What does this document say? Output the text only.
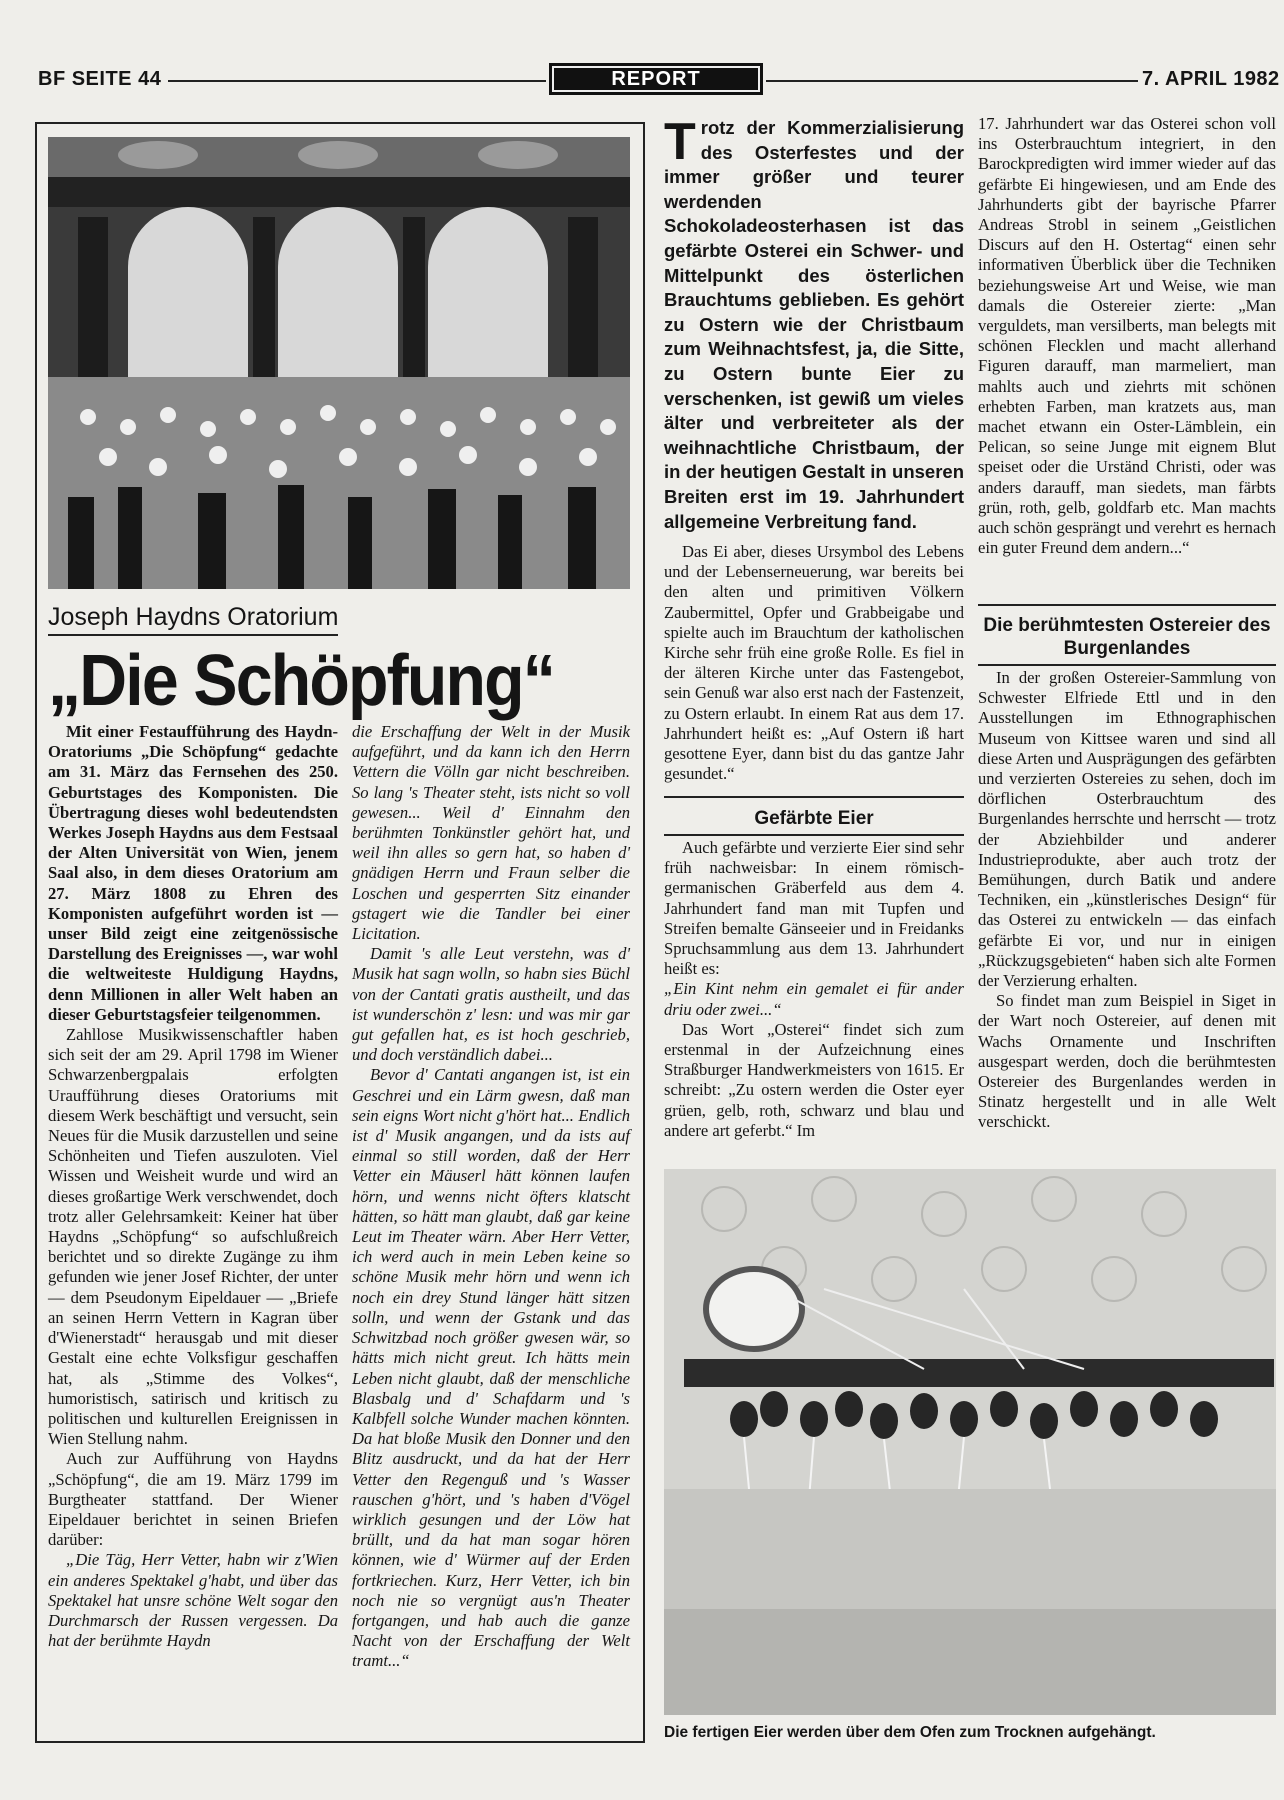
BF SEITE 44	REPORT	7. APRIL 1982
Joseph Haydns Oratorium
„Die Schöpfung“

Mit einer Festaufführung des Haydn-Oratoriums „Die Schöpfung“ gedachte am 31. März das Fernsehen des 250. Geburtstages des Komponisten. Die Übertragung dieses wohl bedeutendsten Werkes Joseph Haydns aus dem Festsaal der Alten Universität von Wien, jenem Saal also, in dem dieses Oratorium am 27. März 1808 zu Ehren des Komponisten aufgeführt worden ist — unser Bild zeigt eine zeitgenössische Darstellung des Ereignisses —, war wohl die weltweiteste Huldigung Haydns, denn Millionen in aller Welt haben an dieser Geburtstagsfeier teilgenommen.

Zahllose Musikwissenschaftler haben sich seit der am 29. April 1798 im Wiener Schwarzenbergpalais erfolgten Uraufführung dieses Oratoriums mit diesem Werk beschäftigt und versucht, sein Neues für die Musik darzustellen und seine Schönheiten und Tiefen auszuloten. Viel Wissen und Weisheit wurde und wird an dieses großartige Werk verschwendet, doch trotz aller Gelehrsamkeit: Keiner hat über Haydns „Schöpfung“ so aufschlußreich berichtet und so direkte Zugänge zu ihm gefunden wie jener Josef Richter, der unter — dem Pseudonym Eipeldauer — „Briefe an seinen Herrn Vettern in Kagran über d'Wienerstadt“ herausgab und mit dieser Gestalt eine echte Volksfigur geschaffen hat, als „Stimme des Volkes“, humoristisch, satirisch und kritisch zu politischen und kulturellen Ereignissen in Wien Stellung nahm.

Auch zur Aufführung von Haydns „Schöpfung“, die am 19. März 1799 im Burgtheater stattfand. Der Wiener Eipeldauer berichtet in seinen Briefen darüber:

„Die Täg, Herr Vetter, habn wir z'Wien ein anderes Spektakel g'habt, und über das Spektakel hat unsre schöne Welt sogar den Durchmarsch der Russen vergessen. Da hat der berühmte Haydn

die Erschaffung der Welt in der Musik aufgeführt, und da kann ich den Herrn Vettern die Völln gar nicht beschreiben. So lang 's Theater steht, ists nicht so voll gewesen... Weil d' Einnahm den berühmten Tonkünstler gehört hat, und weil ihn alles so gern hat, so haben d' gnädigen Herrn und Fraun selber die Loschen und gesperrten Sitz einander gstagert wie die Tandler bei einer Licitation.

Damit 's alle Leut verstehn, was d' Musik hat sagn wolln, so habn sies Büchl von der Cantati gratis austheilt, und das ist wunderschön z' lesn: und was mir gar gut gefallen hat, es ist hoch geschrieb, und doch verständlich dabei...

Bevor d' Cantati angangen ist, ist ein Geschrei und ein Lärm gwesn, daß man sein eigns Wort nicht g'hört hat... Endlich ist d' Musik angangen, und da ists auf einmal so still worden, daß der Herr Vetter ein Mäuserl hätt können laufen hörn, und wenns nicht öfters klatscht hätten, so hätt man glaubt, daß gar keine Leut im Theater wärn. Aber Herr Vetter, ich werd auch in mein Leben keine so schöne Musik mehr hörn und wenn ich noch ein drey Stund länger hätt sitzen solln, und wenn der Gstank und das Schwitzbad noch größer gwesen wär, so hätts mich nicht greut. Ich hätts mein Leben nicht glaubt, daß der menschliche Blasbalg und d' Schafdarm und 's Kalbfell solche Wunder machen könnten. Da hat bloße Musik den Donner und den Blitz ausdruckt, und da hat der Herr Vetter den Regenguß und 's Wasser rauschen g'hört, und 's haben d'Vögel wirklich gesungen und der Löw hat brüllt, und da hat man sogar hören können, wie d' Würmer auf der Erden fortkriechen. Kurz, Herr Vetter, ich bin noch nie so vergnügt aus'n Theater fortgangen, und hab auch die ganze Nacht von der Erschaffung der Welt tramt...“

Trotz der Kommerzialisierung des Osterfestes und der immer größer und teurer werdenden Schokoladeosterhasen ist das gefärbte Osterei ein Schwer- und Mittelpunkt des österlichen Brauchtums geblieben. Es gehört zu Ostern wie der Christbaum zum Weihnachtsfest, ja, die Sitte, zu Ostern bunte Eier zu verschenken, ist gewiß um vieles älter und verbreiteter als der weihnachtliche Christbaum, der in der heutigen Gestalt in unseren Breiten erst im 19. Jahrhundert allgemeine Verbreitung fand.

Das Ei aber, dieses Ursymbol des Lebens und der Lebenserneuerung, war bereits bei den alten und primitiven Völkern Zaubermittel, Opfer und Grabbeigabe und spielte auch im Brauchtum der katholischen Kirche sehr früh eine große Rolle. Es fiel in der älteren Kirche unter das Fastengebot, sein Genuß war also erst nach der Fastenzeit, zu Ostern erlaubt. In einem Rat aus dem 17. Jahrhundert heißt es: „Auf Ostern iß hart gesottene Eyer, dann bist du das gantze Jahr gesundet.“

Gefärbte Eier

Auch gefärbte und verzierte Eier sind sehr früh nachweisbar: In einem römisch-germanischen Gräberfeld aus dem 4. Jahrhundert fand man mit Tupfen und Streifen bemalte Gänseeier und in Freidanks Spruchsammlung aus dem 13. Jahrhundert heißt es:

„Ein Kint nehm ein gemalet ei für ander driu oder zwei...“

Das Wort „Osterei“ findet sich zum erstenmal in der Aufzeichnung eines Straßburger Handwerkmeisters von 1615. Er schreibt: „Zu ostern werden die Oster eyer grüen, gelb, roth, schwarz und blau und andere art geferbt.“ Im

17. Jahrhundert war das Osterei schon voll ins Osterbrauchtum integriert, in den Barockpredigten wird immer wieder auf das gefärbte Ei hingewiesen, und am Ende des Jahrhunderts gibt der bayrische Pfarrer Andreas Strobl in seinem „Geistlichen Discurs auf den H. Ostertag“ einen sehr informativen Überblick über die Techniken beziehungsweise Art und Weise, wie man damals die Ostereier zierte: „Man verguldets, man versilberts, man belegts mit schönen Flecklen und macht allerhand Figuren darauff, man marmeliert, man mahlts auch und ziehrts mit schönen erhebten Farben, man kratzets aus, man machet etwann ein Oster-Lämblein, ein Pelican, so seine Junge mit eignem Blut speiset oder die Urständ Christi, oder was anders darauff, man siedets, man färbts grün, roth, gelb, goldfarb etc. Man machts auch schön gesprängt und verehrt es hernach ein guter Freund dem andern...“

Die berühmtesten Ostereier des Burgenlandes

In der großen Ostereier-Sammlung von Schwester Elfriede Ettl und in den Ausstellungen im Ethnographischen Museum von Kittsee waren und sind all diese Arten und Ausprägungen des gefärbten und verzierten Ostereies zu sehen, doch im dörflichen Osterbrauchtum des Burgenlandes herrschte und herrscht — trotz der Abziehbilder und anderer Industrieprodukte, aber auch trotz der Bemühungen, durch Batik und andere Techniken, ein „künstlerisches Design“ für das Osterei zu entwickeln — das einfach gefärbte Ei vor, und nur in einigen „Rückzugsgebieten“ haben sich alte Formen der Verzierung erhalten.

So findet man zum Beispiel in Siget in der Wart noch Ostereier, auf denen mit Wachs Ornamente und Inschriften ausgespart werden, doch die berühmtesten Ostereier des Burgenlandes werden in Stinatz hergestellt und in alle Welt verschickt.

Die fertigen Eier werden über dem Ofen zum Trocknen aufgehängt.
